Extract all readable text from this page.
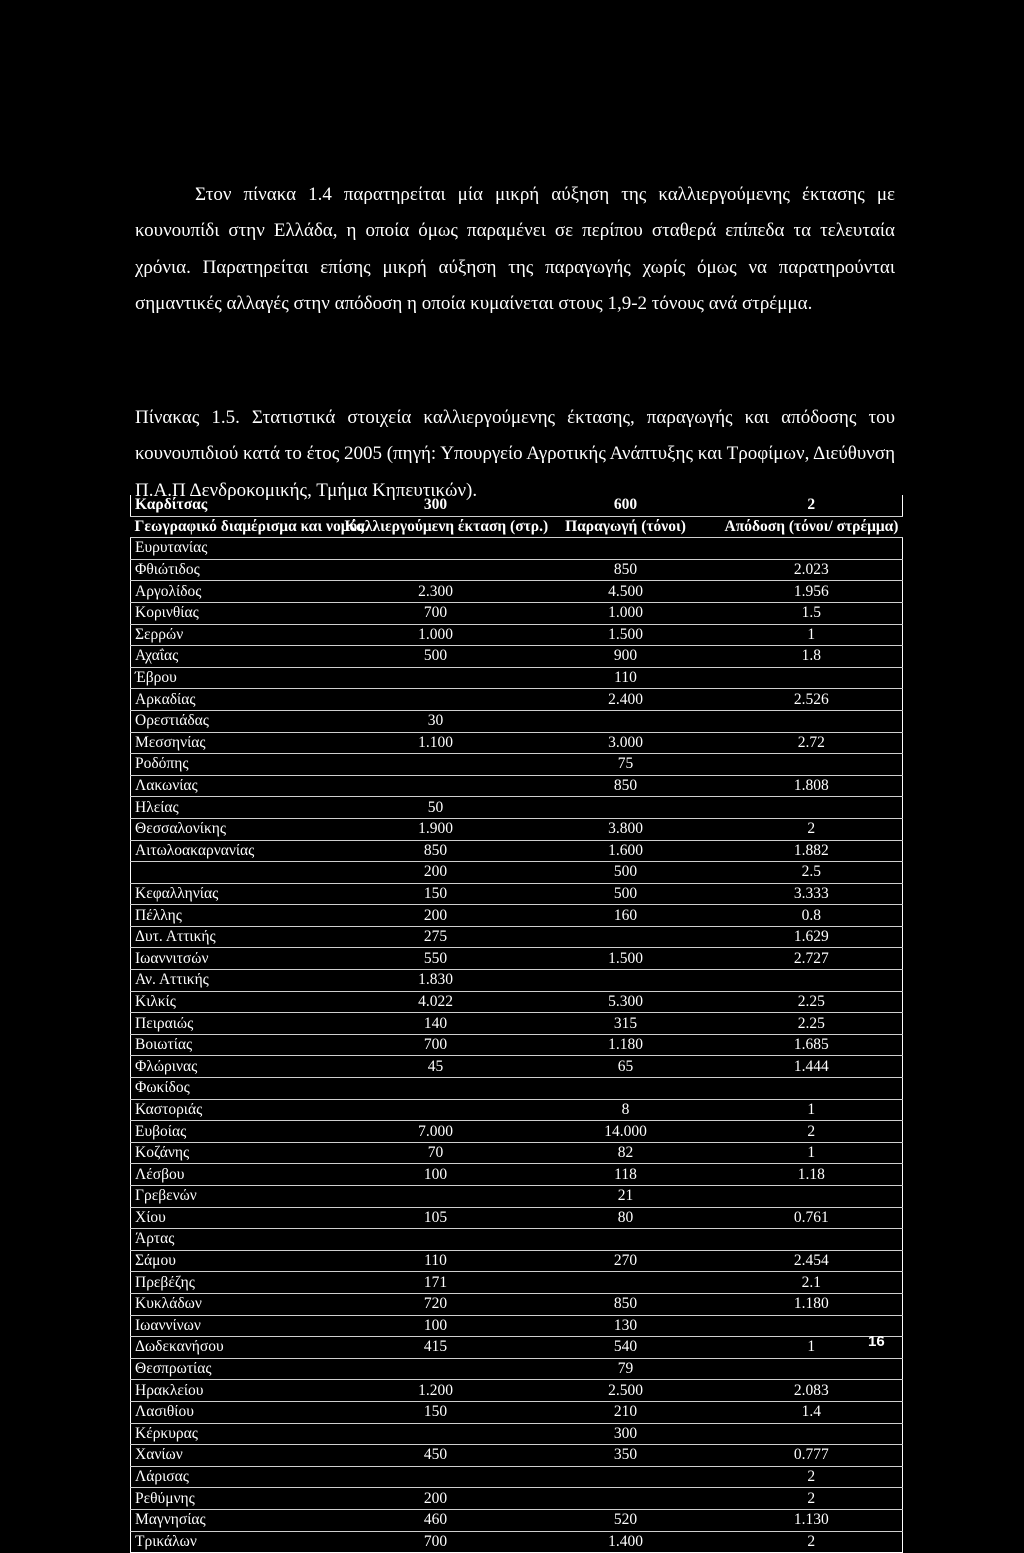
Στον πίνακα 1.4 παρατηρείται μία μικρή αύξηση της καλλιεργούμενης έκτασης με κουνουπίδι στην Ελλάδα, η οποία όμως παραμένει σε περίπου σταθερά επίπεδα τα τελευταία χρόνια. Παρατηρείται επίσης μικρή αύξηση της παραγωγής χωρίς όμως να παρατηρούνται σημαντικές αλλαγές στην απόδοση η οποία κυμαίνεται στους 1,9-2 τόνους ανά στρέμμα.

Πίνακας 1.5. Στατιστικά στοιχεία καλλιεργούμενης έκτασης, παραγωγής και απόδοσης του κουνουπιδιού κατά το έτος 2005 (πηγή: Υπουργείο Αγροτικής Ανάπτυξης και Τροφίμων, Διεύθυνση Π.Α.Π Δενδροκομικής, Τμήμα Κηπευτικών).

Καρδίτσας	300	600	2
Γεωγραφικό διαμέρισμα και νομός	Καλλιεργούμενη έκταση (στρ.)	Παραγωγή (τόνοι)	Απόδοση (τόνοι/ στρέμμα)
Ευρυτανίας			
Φθιώτιδος		850	2.023
Αργολίδος	2.300	4.500	1.956
Κορινθίας	700	1.000	1.5
Σερρών	1.000	1.500	1
Αχαΐας	500	900	1.8
Έβρου		110	
Αρκαδίας		2.400	2.526
Ορεστιάδας	30		
Μεσσηνίας	1.100	3.000	2.72
Ροδόπης		75	
Λακωνίας		850	1.808
Ηλείας	50		
Θεσσαλονίκης	1.900	3.800	2
Αιτωλοακαρνανίας	850	1.600	1.882
	200	500	2.5
Κεφαλληνίας	150	500	3.333
Πέλλης	200	160	0.8
Δυτ. Αττικής	275		1.629
Ιωαννιτσών	550	1.500	2.727
Αν. Αττικής	1.830		
Κιλκίς	4.022	5.300	2.25
Πειραιώς	140	315	2.25
Βοιωτίας	700	1.180	1.685
Φλώρινας	45	65	1.444
Φωκίδος			
Καστοριάς		8	1
Ευβοίας	7.000	14.000	2
Κοζάνης	70	82	1
Λέσβου	100	118	1.18
Γρεβενών		21	
Χίου	105	80	0.761
Άρτας			
Σάμου	110	270	2.454
Πρεβέζης	171		2.1
Κυκλάδων	720	850	1.180
Ιωαννίνων	100	130	
Δωδεκανήσου	415	540	1
Θεσπρωτίας		79	
Ηρακλείου	1.200	2.500	2.083
Λασιθίου	150	210	1.4
Κέρκυρας		300	
Χανίων	450	350	0.777
Λάρισας			2
Ρεθύμνης	200		2
Μαγνησίας	460	520	1.130
Τρικάλων	700	1.400	2
16
